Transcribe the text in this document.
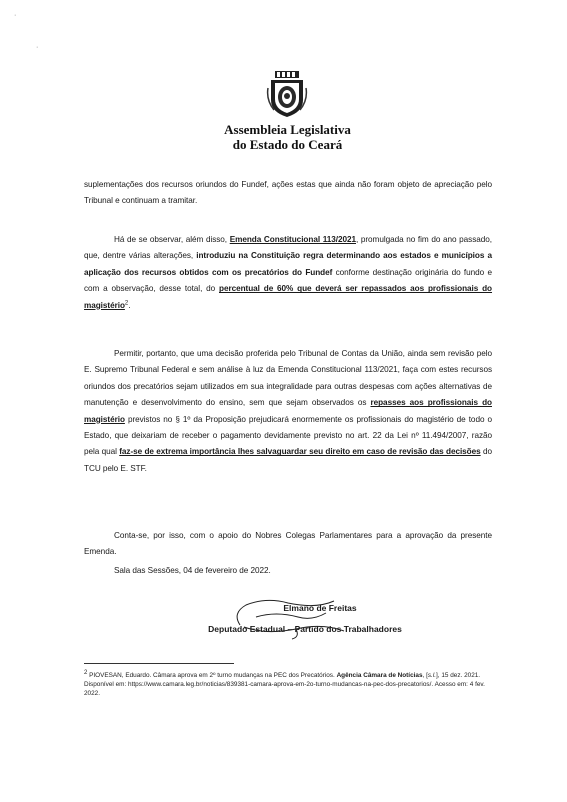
·
·
Assembleia Legislativa
do Estado do Ceará
suplementações dos recursos oriundos do Fundef, ações estas que ainda não foram objeto de apreciação pelo Tribunal e continuam a tramitar.
Há de se observar, além disso, Emenda Constitucional 113/2021, promulgada no fim do ano passado, que, dentre várias alterações, introduziu na Constituição regra determinando aos estados e municípios a aplicação dos recursos obtidos com os precatórios do Fundef conforme destinação originária do fundo e com a observação, desse total, do percentual de 60% que deverá ser repassados aos profissionais do magistério$^2$.
Permitir, portanto, que uma decisão proferida pelo Tribunal de Contas da União, ainda sem revisão pelo E. Supremo Tribunal Federal e sem análise à luz da Emenda Constitucional 113/2021, faça com estes recursos oriundos dos precatórios sejam utilizados em sua integralidade para outras despesas com ações alternativas de manutenção e desenvolvimento do ensino, sem que sejam observados os repasses aos profissionais do magistério previstos no § 1º da Proposição prejudicará enormemente os profissionais do magistério de todo o Estado, que deixariam de receber o pagamento devidamente previsto no art. 22 da Lei nº 11.494/2007, razão pela qual faz-se de extrema importância lhes salvaguardar seu direito em caso de revisão das decisões do TCU pelo E. STF.
Conta-se, por isso, com o apoio do Nobres Colegas Parlamentares para a aprovação da presente Emenda.
Sala das Sessões, 04 de fevereiro de 2022.
Elmano de Freitas
Deputado Estadual – Partido dos Trabalhadores
2 PIOVESAN, Eduardo. Câmara aprova em 2º turno mudanças na PEC dos Precatórios. Agência Câmara de Notícias, [s.l.], 15 dez. 2021. Disponível em: https://www.camara.leg.br/noticias/839381-camara-aprova-em-2o-turno-mudancas-na-pec-dos-precatorios/. Acesso em: 4 fev. 2022.
